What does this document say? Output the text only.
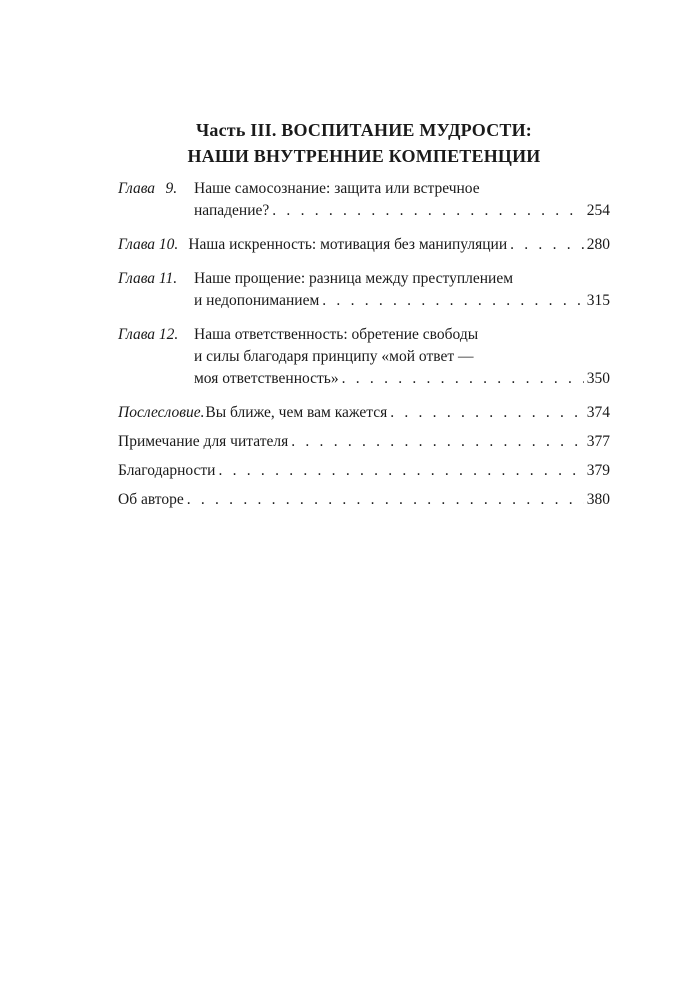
Часть III. ВОСПИТАНИЕ МУДРОСТИ:
НАШИ ВНУТРЕННИЕ КОМПЕТЕНЦИИ
Глава 9.	Наше самосознание: защита или встречное
нападение? . . .	254
Глава 10. Наша искренность: мотивация без манипуляции . . .	280
Глава 11.	Наше прощение: разница между преступлением
и недопониманием . . .	315
Глава 12.	Наша ответственность: обретение свободы
и силы благодаря принципу «мой ответ —
моя ответственность» . . .	350
Послесловие. Вы ближе, чем вам кажется . . .	374
Примечание для читателя . . .	377
Благодарности . . .	379
Об авторе . . .	380
